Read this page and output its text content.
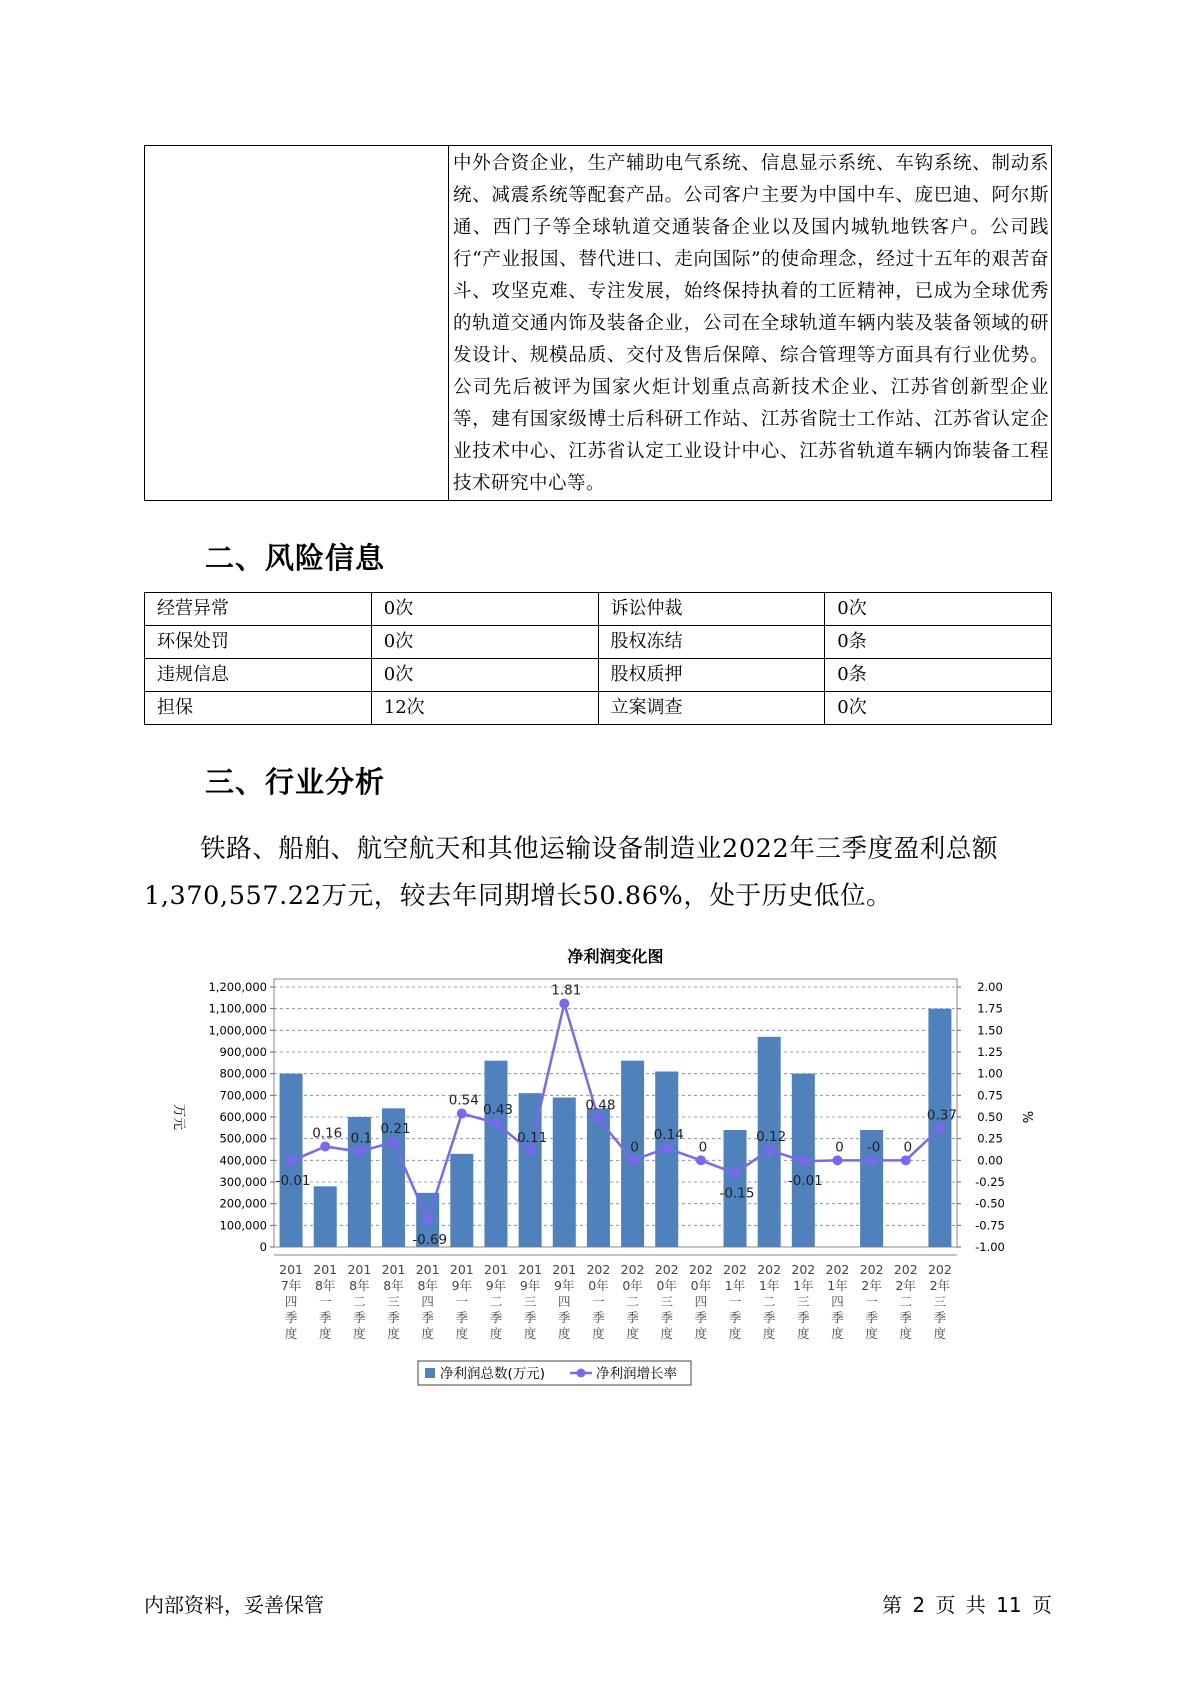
中外合资企业，生产辅助电气系统、信息显示系统、车钩系统、制动系统、减震系统等配套产品。公司客户主要为中国中车、庞巴迪、阿尔斯通、西门子等全球轨道交通装备企业以及国内城轨地铁客户。公司践行“产业报国、替代进口、走向国际”的使命理念，经过十五年的艰苦奋斗、攻坚克难、专注发展，始终保持执着的工匠精神，已成为全球优秀的轨道交通内饰及装备企业，公司在全球轨道车辆内装及装备领域的研发设计、规模品质、交付及售后保障、综合管理等方面具有行业优势。公司先后被评为国家火炬计划重点高新技术企业、江苏省创新型企业等，建有国家级博士后科研工作站、江苏省院士工作站、江苏省认定企业技术中心、江苏省认定工业设计中心、江苏省轨道车辆内饰装备工程技术研究中心等。
二、风险信息
经营异常	0次	诉讼仲裁	0次
环保处罚	0次	股权冻结	0条
违规信息	0次	股权质押	0条
担保	12次	立案调查	0次
三、行业分析

铁路、船舶、航空航天和其他运输设备制造业2022年三季度盈利总额1,370,557.22万元，较去年同期增长50.86%，处于历史低位。

净利润变化图
0
100,000
200,000
300,000
400,000
500,000
600,000
700,000
800,000
900,000
1,000,000
1,100,000
1,200,000
-1.00
-0.75
-0.50
-0.25
0.00
0.25
0.50
0.75
1.00
1.25
1.50
1.75
2.00
万元	%
201
7年
四
季
度
201
8年
一
季
度
201
8年
二
季
度
201
8年
三
季
度
201
8年
四
季
度
201
9年
一
季
度
201
9年
二
季
度
201
9年
三
季
度
201
9年
四
季
度
202
0年
一
季
度
202
0年
二
季
度
202
0年
三
季
度
202
0年
四
季
度
202
1年
一
季
度
202
1年
二
季
度
202
1年
三
季
度
202
1年
四
季
度
202
2年
一
季
度
202
2年
二
季
度
202
2年
三
季
度
-0.01
0.16 0.1
0.21
-0.69
0.54
0.43
0.11
1.81
0.48
0
0.14
0
-0.15
0.12
-0.01
0 -0 0
0.37
净利润总数(万元)	净利润增长率
内部资料，妥善保管	第 2 页 共 11 页
